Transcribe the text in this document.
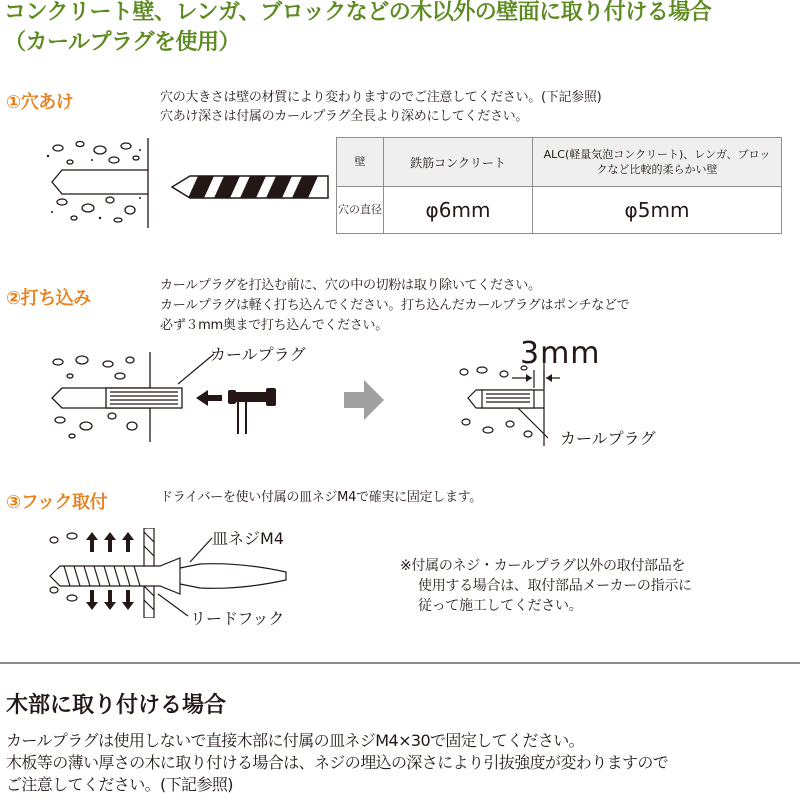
コンクリート壁、レンガ、ブロックなどの木以外の壁面に取り付ける場合
（カールプラグを使用）
①穴あけ	穴の大きさは壁の材質により変わりますのでご注意してください。(下記参照)
穴あけ深さは付属のカールプラグ全長より深めにしてください。
壁	鉄筋コンクリート	ALC(軽量気泡コンクリート)、レンガ、ブロックなど比較的柔らかい壁
穴の直径	φ6mm	φ5mm
②打ち込み
カールプラグを打込む前に、穴の中の切粉は取り除いてください。
カールプラグは軽く打ち込んでください。打ち込んだカールプラグはポンチなどで
必ず３mm奥まで打ち込んでください。
カールプラグ	3mm
カールプラグ
③フック取付	ドライバーを使い付属の皿ネジM4で確実に固定します。
皿ネジM4
リードフック
※付属のネジ・カールプラグ以外の取付部品を
使用する場合は、取付部品メーカーの指示に
従って施工してください。
木部に取り付ける場合
カールプラグは使用しないで直接木部に付属の皿ネジM4×30で固定してください。
木板等の薄い厚さの木に取り付ける場合は、ネジの埋込の深さにより引抜強度が変わりますので
ご注意してください。(下記参照)
